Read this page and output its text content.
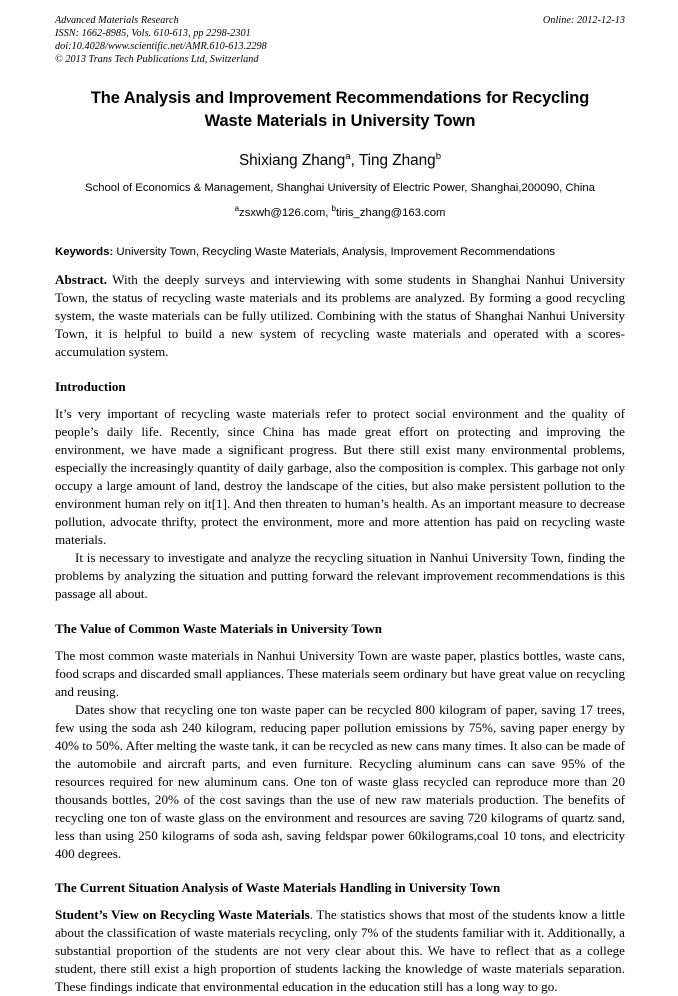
Online: 2012-12-13
Advanced Materials Research
ISSN: 1662-8985, Vols. 610-613, pp 2298-2301
doi:10.4028/www.scientific.net/AMR.610-613.2298
© 2013 Trans Tech Publications Ltd, Switzerland
The Analysis and Improvement Recommendations for Recycling Waste Materials in University Town
Shixiang Zhang$^a$, Ting Zhang$^b$
School of Economics & Management, Shanghai University of Electric Power, Shanghai,200090, China
$^a$zsxwh@126.com, $^b$tiris_zhang@163.com
Keywords: University Town, Recycling Waste Materials, Analysis, Improvement Recommendations
Abstract. With the deeply surveys and interviewing with some students in Shanghai Nanhui University Town, the status of recycling waste materials and its problems are analyzed. By forming a good recycling system, the waste materials can be fully utilized. Combining with the status of Shanghai Nanhui University Town, it is helpful to build a new system of recycling waste materials and operated with a scores-accumulation system.
Introduction

It’s very important of recycling waste materials refer to protect social environment and the quality of people’s daily life. Recently, since China has made great effort on protecting and improving the environment, we have made a significant progress. But there still exist many environmental problems, especially the increasingly quantity of daily garbage, also the composition is complex. This garbage not only occupy a large amount of land, destroy the landscape of the cities, but also make persistent pollution to the environment human rely on it[1]. And then threaten to human’s health. As an important measure to decrease pollution, advocate thrifty, protect the environment, more and more attention has paid on recycling waste materials.

It is necessary to investigate and analyze the recycling situation in Nanhui University Town, finding the problems by analyzing the situation and putting forward the relevant improvement recommendations is this passage all about.

The Value of Common Waste Materials in University Town

The most common waste materials in Nanhui University Town are waste paper, plastics bottles, waste cans, food scraps and discarded small appliances. These materials seem ordinary but have great value on recycling and reusing.

Dates show that recycling one ton waste paper can be recycled 800 kilogram of paper, saving 17 trees, few using the soda ash 240 kilogram, reducing paper pollution emissions by 75%, saving paper energy by 40% to 50%. After melting the waste tank, it can be recycled as new cans many times. It also can be made of the automobile and aircraft parts, and even furniture. Recycling aluminum cans can save 95% of the resources required for new aluminum cans. One ton of waste glass recycled can reproduce more than 20 thousands bottles, 20% of the cost savings than the use of new raw materials production. The benefits of recycling one ton of waste glass on the environment and resources are saving 720 kilograms of quartz sand, less than using 250 kilograms of soda ash, saving feldspar power 60kilograms,coal 10 tons, and electricity 400 degrees.

The Current Situation Analysis of Waste Materials Handling in University Town

Student’s View on Recycling Waste Materials. The statistics shows that most of the students know a little about the classification of waste materials recycling, only 7% of the students familiar with it. Additionally, a substantial proportion of the students are not very clear about this. We have to reflect that as a college student, there still exist a high proportion of students lacking the knowledge of waste materials separation. These findings indicate that environmental education in the education still has a long way to go.
